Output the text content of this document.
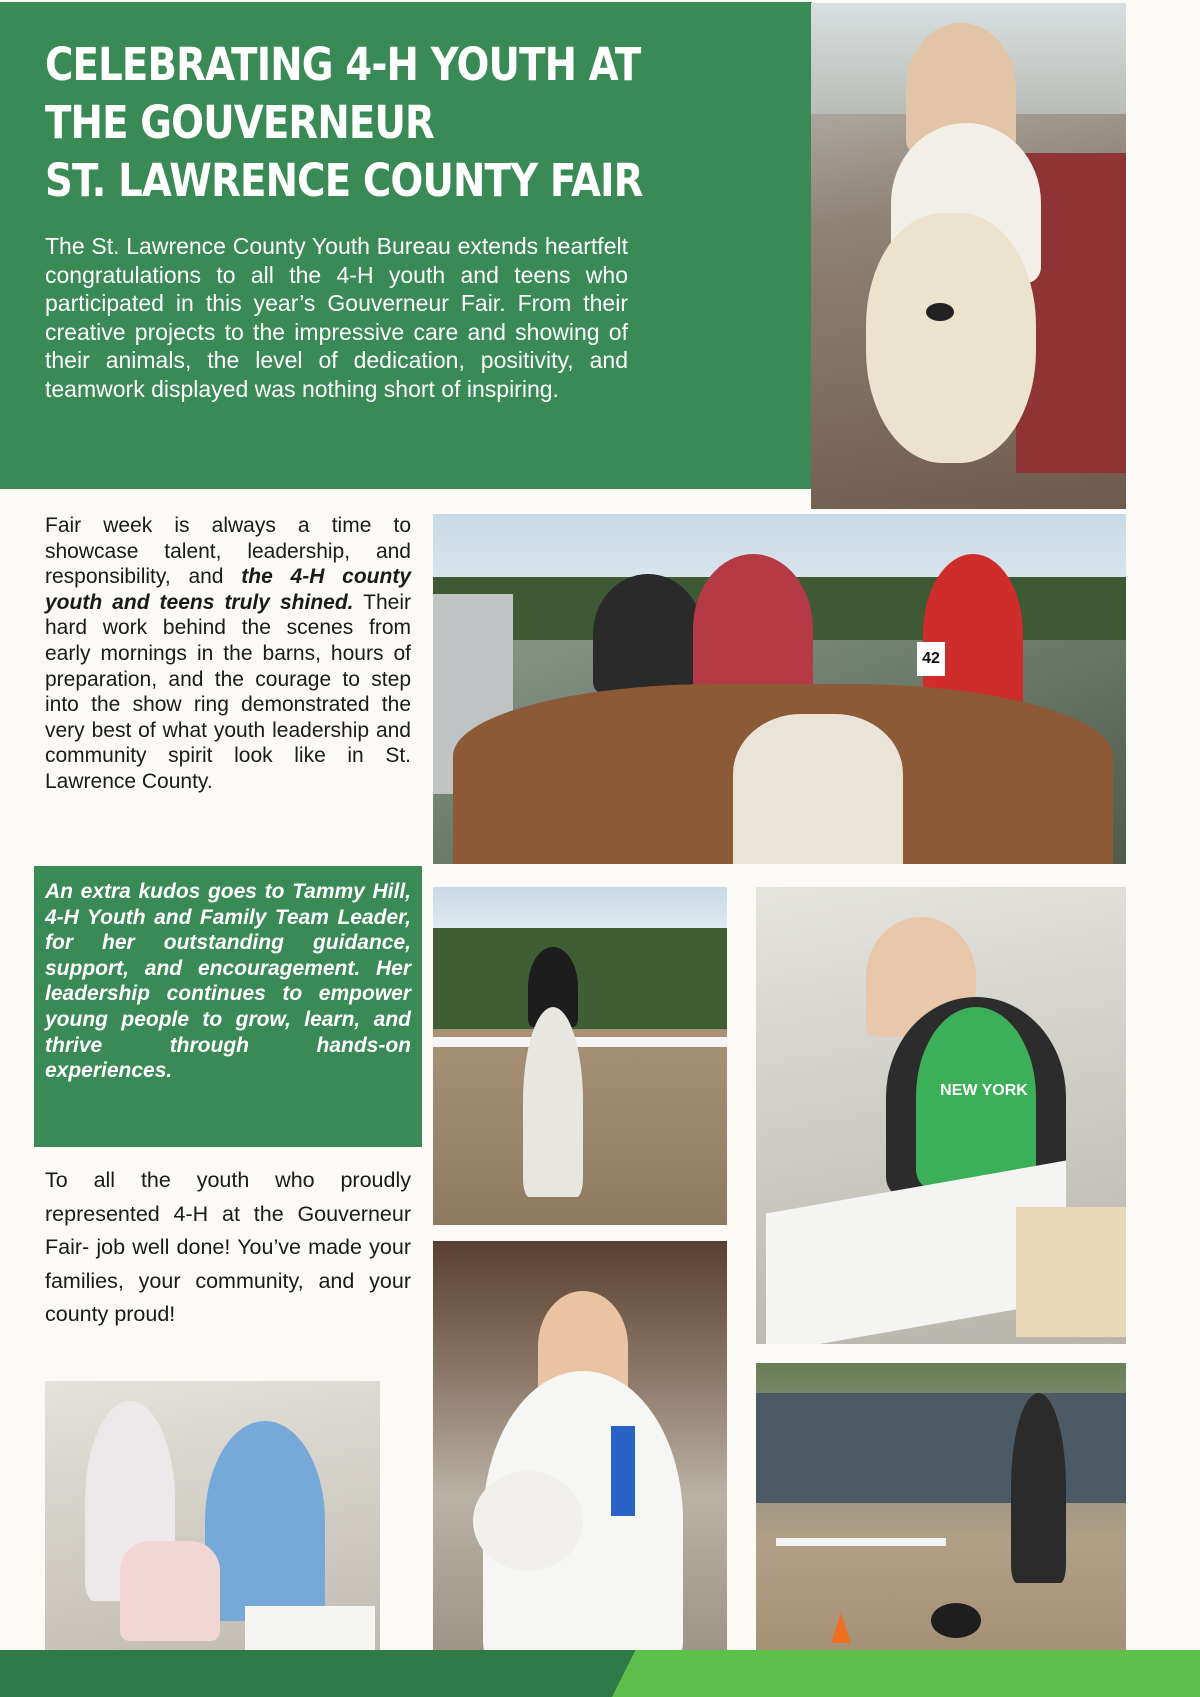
CELEBRATING 4-H YOUTH AT
THE GOUVERNEUR
ST. LAWRENCE COUNTY FAIR

The St. Lawrence County Youth Bureau extends heartfelt congratulations to all the 4-H youth and teens who participated in this year’s Gouverneur Fair. From their creative projects to the impressive care and showing of their animals, the level of dedication, positivity, and teamwork displayed was nothing short of inspiring.

Fair week is always a time to showcase talent, leadership, and responsibility, and the 4-H county youth and teens truly shined. Their hard work behind the scenes from early mornings in the barns, hours of preparation, and the courage to step into the show ring demonstrated the very best of what youth leadership and community spirit look like in St. Lawrence County.

42

An extra kudos goes to Tammy Hill, 4-H Youth and Family Team Leader, for her outstanding guidance, support, and encouragement. Her leadership continues to empower young people to grow, learn, and thrive through hands-on experiences.

NEW YORK

To all the youth who proudly represented 4-H at the Gouverneur Fair- job well done! You’ve made your families, your community, and your county proud!
